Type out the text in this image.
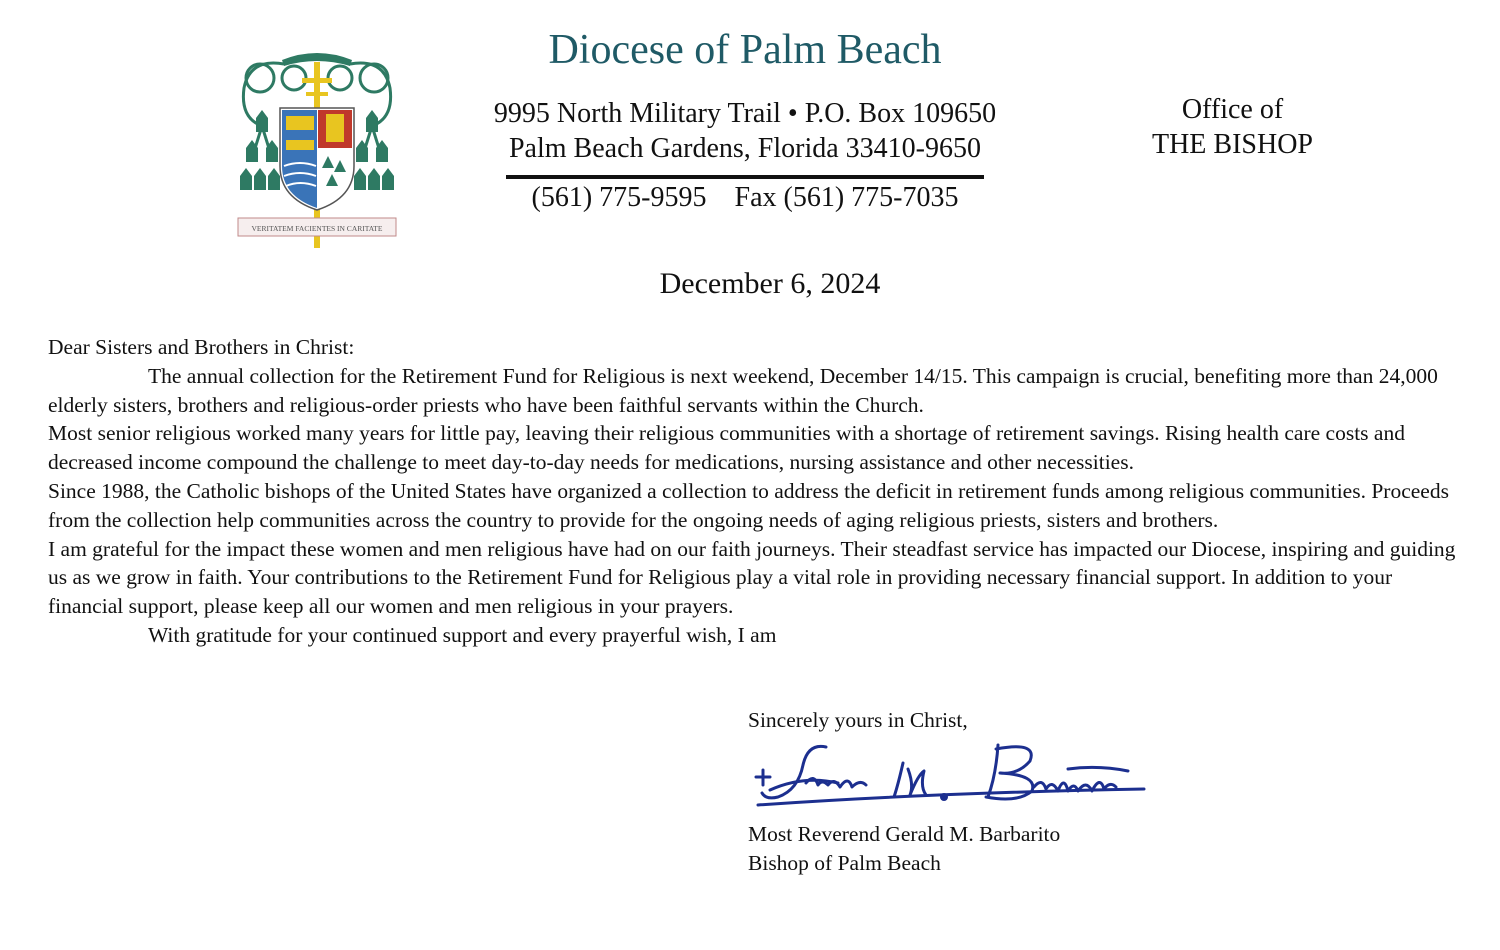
VERITATEM FACIENTES IN CARITATE
Diocese of Palm Beach
9995 North Military Trail • P.O. Box 109650
Palm Beach Gardens, Florida 33410-9650
(561) 775-9595 Fax (561) 775-7035
Office of
THE BISHOP
December 6, 2024

Dear Sisters and Brothers in Christ:

The annual collection for the Retirement Fund for Religious is next weekend, December 14/15. This campaign is crucial, benefiting more than 24,000 elderly sisters, brothers and religious-order priests who have been faithful servants within the Church.

Most senior religious worked many years for little pay, leaving their religious communities with a shortage of retirement savings. Rising health care costs and decreased income compound the challenge to meet day-to-day needs for medications, nursing assistance and other necessities.

Since 1988, the Catholic bishops of the United States have organized a collection to address the deficit in retirement funds among religious communities. Proceeds from the collection help communities across the country to provide for the ongoing needs of aging religious priests, sisters and brothers.

I am grateful for the impact these women and men religious have had on our faith journeys. Their steadfast service has impacted our Diocese, inspiring and guiding us as we grow in faith. Your contributions to the Retirement Fund for Religious play a vital role in providing necessary financial support. In addition to your financial support, please keep all our women and men religious in your prayers.

With gratitude for your continued support and every prayerful wish, I am

Sincerely yours in Christ,
Most Reverend Gerald M. Barbarito
Bishop of Palm Beach
